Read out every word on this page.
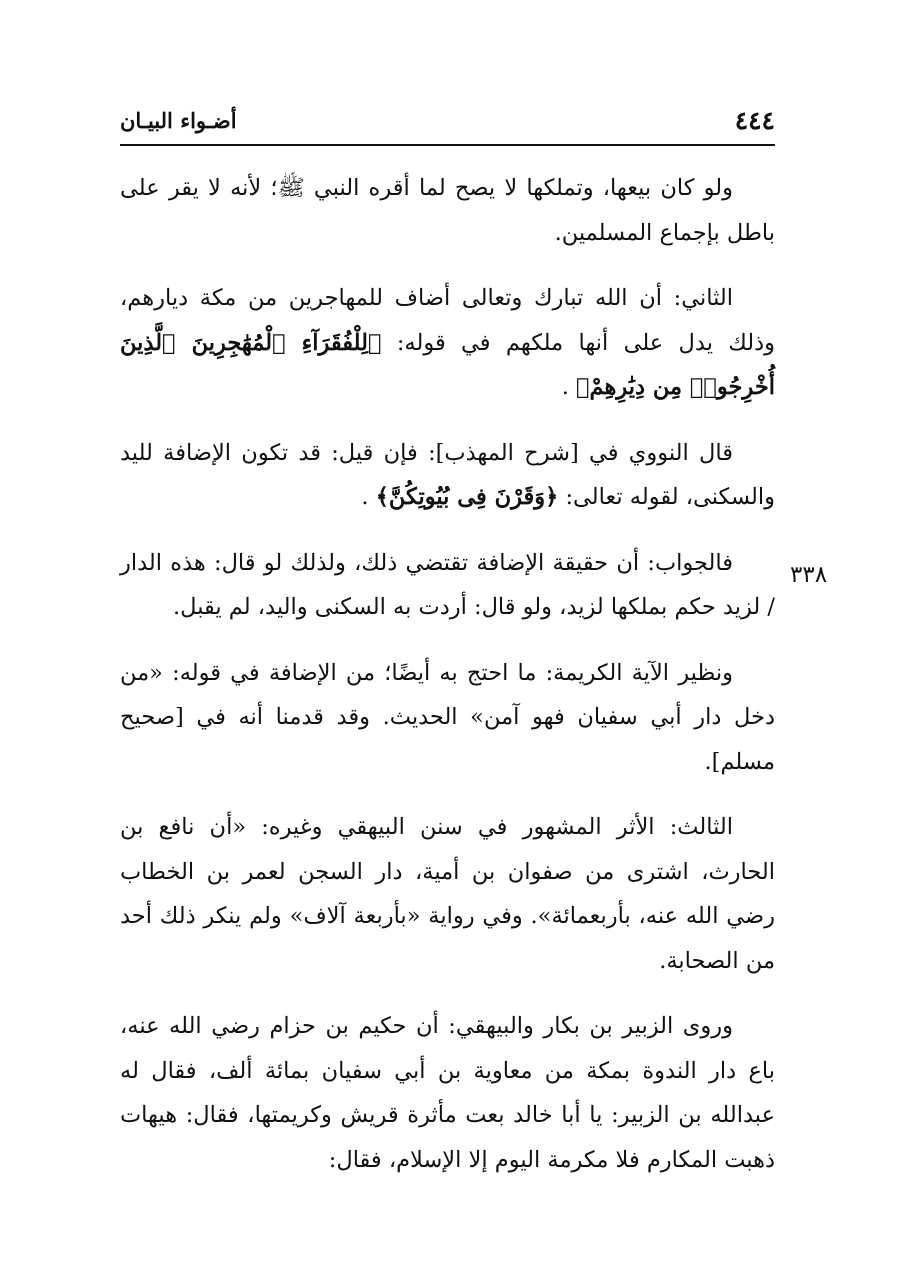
٤٤٤
أضـواء البيـان
٣٣٨

ولو كان بيعها، وتملكها لا يصح لما أقره النبي ﷺ؛ لأنه لا يقر على باطل بإجماع المسلمين.

الثاني: أن الله تبارك وتعالى أضاف للمهاجرين من مكة ديارهم، وذلك يدل على أنها ملكهم في قوله: ﴿لِلْفُقَرَآءِ ٱلْمُهَٰجِرِينَ ٱلَّذِينَ أُخْرِجُوا۟ مِن دِيَٰرِهِمْ﴾ .

قال النووي في [شرح المهذب]: فإن قيل: قد تكون الإضافة لليد والسكنى، لقوله تعالى: ﴿وَقَرْنَ فِى بُيُوتِكُنَّ﴾ .

فالجواب: أن حقيقة الإضافة تقتضي ذلك، ولذلك لو قال: هذه الدار / لزيد حكم بملكها لزيد، ولو قال: أردت به السكنى واليد، لم يقبل.

ونظير الآية الكريمة: ما احتج به أيضًا؛ من الإضافة في قوله: «من دخل دار أبي سفيان فهو آمن» الحديث. وقد قدمنا أنه في [صحيح مسلم].

الثالث: الأثر المشهور في سنن البيهقي وغيره: «أن نافع بن الحارث، اشترى من صفوان بن أمية، دار السجن لعمر بن الخطاب رضي الله عنه، بأربعمائة». وفي رواية «بأربعة آلاف» ولم ينكر ذلك أحد من الصحابة.

وروى الزبير بن بكار والبيهقي: أن حكيم بن حزام رضي الله عنه، باع دار الندوة بمكة من معاوية بن أبي سفيان بمائة ألف، فقال له عبدالله بن الزبير: يا أبا خالد بعت مأثرة قريش وكريمتها، فقال: هيهات ذهبت المكارم فلا مكرمة اليوم إلا الإسلام، فقال:
